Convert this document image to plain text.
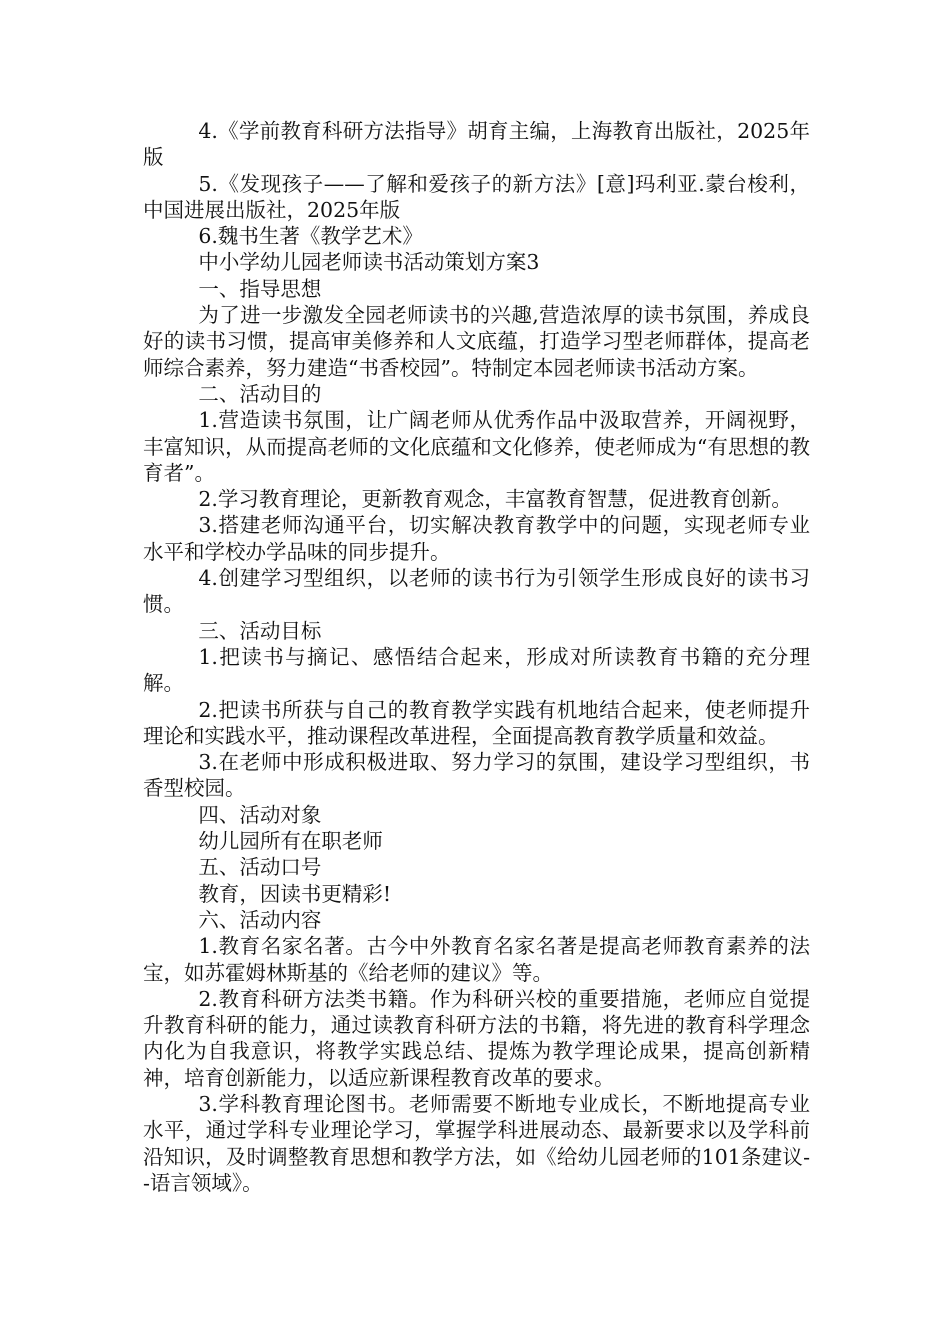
4.《学前教育科研方法指导》胡育主编，上海教育出版社，2025年版

5.《发现孩子——了解和爱孩子的新方法》[意]玛利亚.蒙台梭利，中国进展出版社，2025年版

6.魏书生著《教学艺术》

中小学幼儿园老师读书活动策划方案3

一、指导思想

为了进一步激发全园老师读书的兴趣,营造浓厚的读书氛围，养成良好的读书习惯，提高审美修养和人文底蕴，打造学习型老师群体，提高老师综合素养，努力建造“书香校园”。特制定本园老师读书活动方案。

二、活动目的

1.营造读书氛围，让广阔老师从优秀作品中汲取营养，开阔视野，丰富知识，从而提高老师的文化底蕴和文化修养，使老师成为“有思想的教育者”。

2.学习教育理论，更新教育观念，丰富教育智慧，促进教育创新。

3.搭建老师沟通平台，切实解决教育教学中的问题，实现老师专业水平和学校办学品味的同步提升。

4.创建学习型组织，以老师的读书行为引领学生形成良好的读书习惯。

三、活动目标

1.把读书与摘记、感悟结合起来，形成对所读教育书籍的充分理解。

2.把读书所获与自己的教育教学实践有机地结合起来，使老师提升理论和实践水平，推动课程改革进程，全面提高教育教学质量和效益。

3.在老师中形成积极进取、努力学习的氛围，建设学习型组织，书香型校园。

四、活动对象

幼儿园所有在职老师

五、活动口号

教育，因读书更精彩!

六、活动内容

1.教育名家名著。古今中外教育名家名著是提高老师教育素养的法宝，如苏霍姆林斯基的《给老师的建议》等。

2.教育科研方法类书籍。作为科研兴校的重要措施，老师应自觉提升教育科研的能力，通过读教育科研方法的书籍，将先进的教育科学理念内化为自我意识，将教学实践总结、提炼为教学理论成果，提高创新精神，培育创新能力，以适应新课程教育改革的要求。

3.学科教育理论图书。老师需要不断地专业成长，不断地提高专业水平，通过学科专业理论学习，掌握学科进展动态、最新要求以及学科前沿知识，及时调整教育思想和教学方法，如《给幼儿园老师的101条建议--语言领域》。
